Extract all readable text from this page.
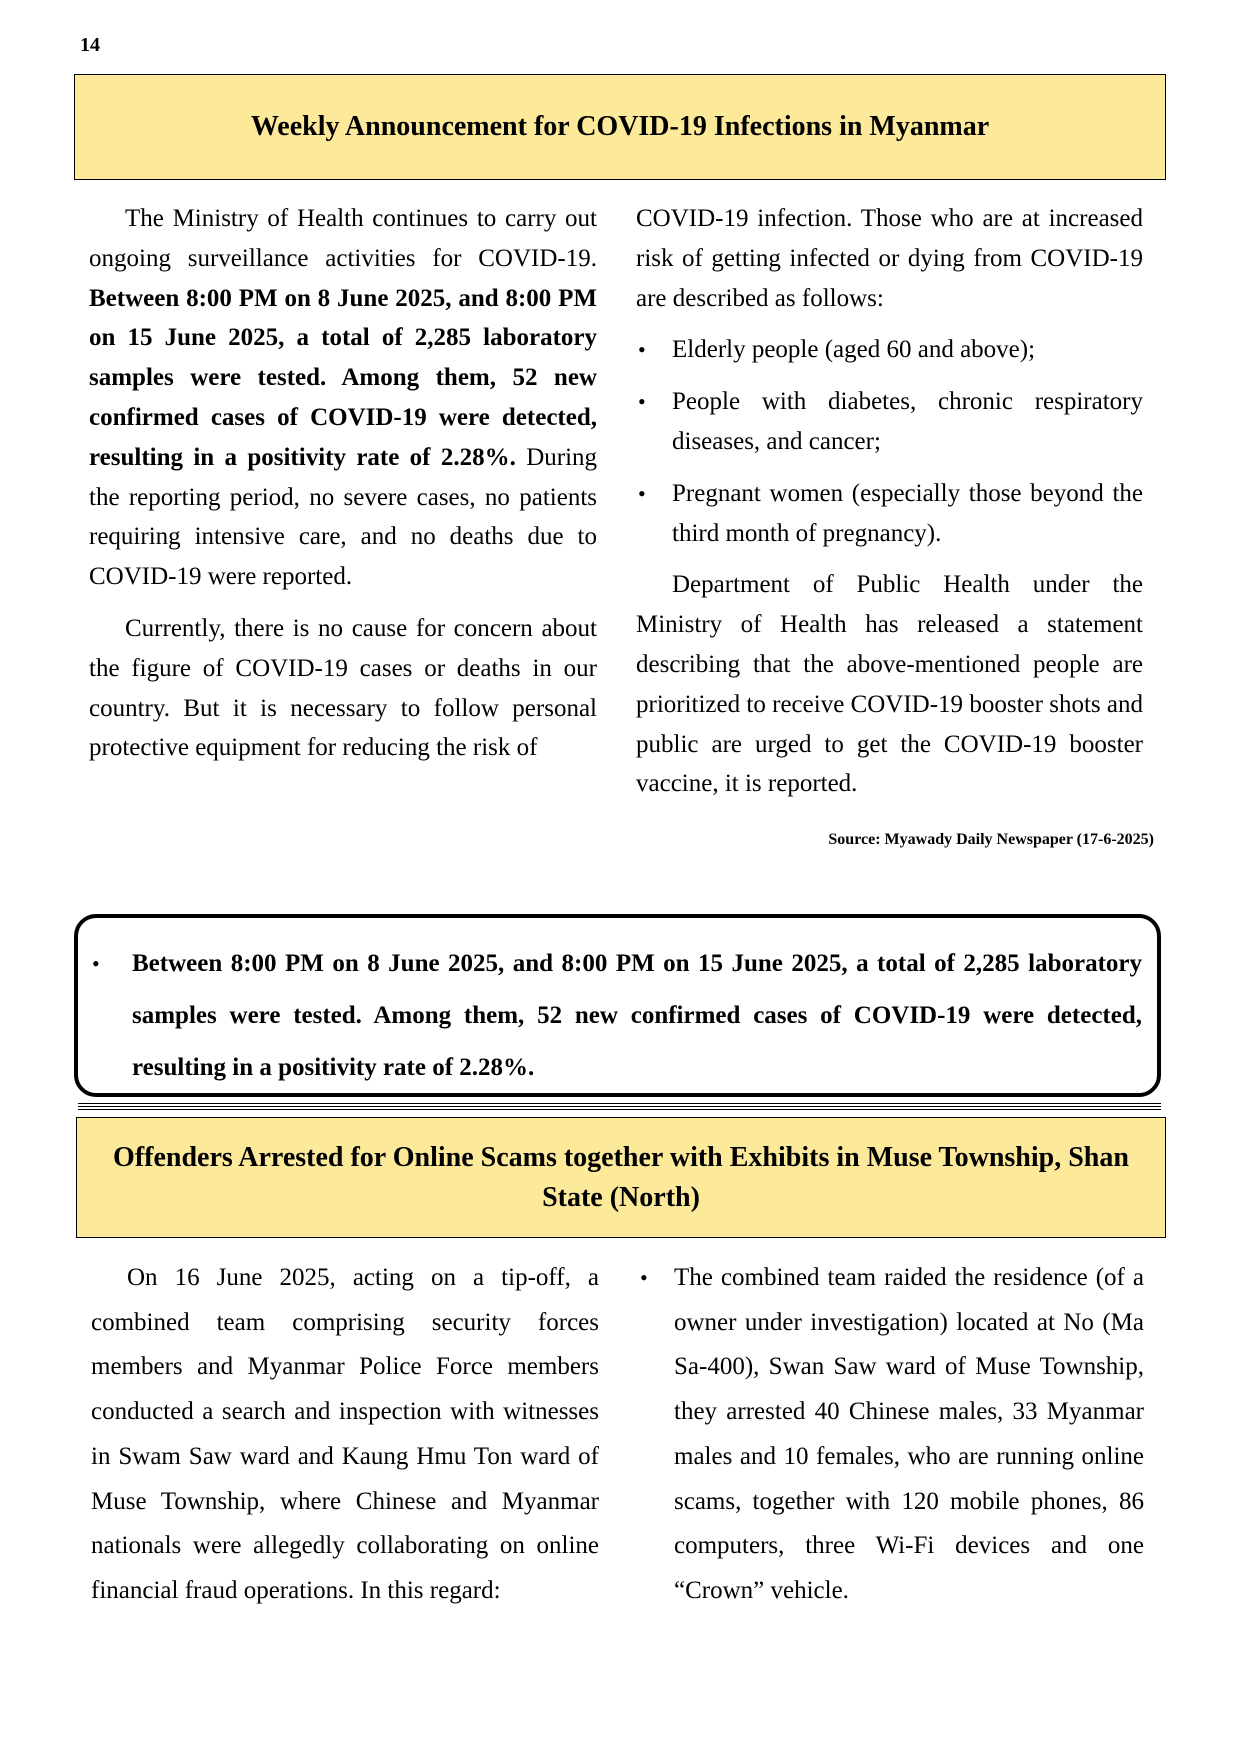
14
Weekly Announcement for COVID-19 Infections in Myanmar

The Ministry of Health continues to carry out ongoing surveillance activities for COVID-19. Between 8:00 PM on 8 June 2025, and 8:00 PM on 15 June 2025, a total of 2,285 laboratory samples were tested. Among them, 52 new confirmed cases of COVID-19 were detected, resulting in a positivity rate of 2.28%. During the reporting period, no severe cases, no patients requiring intensive care, and no deaths due to COVID-19 were reported.

Currently, there is no cause for concern about the figure of COVID-19 cases or deaths in our country. But it is necessary to follow personal protective equipment for reducing the risk of

COVID-19 infection. Those who are at increased risk of getting infected or dying from COVID-19 are described as follows:

• Elderly people (aged 60 and above);
• People with diabetes, chronic respiratory diseases, and cancer;
• Pregnant women (especially those beyond the third month of pregnancy).

Department of Public Health under the Ministry of Health has released a statement describing that the above-mentioned people are prioritized to receive COVID-19 booster shots and public are urged to get the COVID-19 booster vaccine, it is reported.

Source: Myawady Daily Newspaper (17-6-2025)
• Between 8:00 PM on 8 June 2025, and 8:00 PM on 15 June 2025, a total of 2,285 laboratory samples were tested. Among them, 52 new confirmed cases of COVID-19 were detected, resulting in a positivity rate of 2.28%.
Offenders Arrested for Online Scams together with Exhibits in Muse Township, Shan State (North)

On 16 June 2025, acting on a tip-off, a combined team comprising security forces members and Myanmar Police Force members conducted a search and inspection with witnesses in Swam Saw ward and Kaung Hmu Ton ward of Muse Township, where Chinese and Myanmar nationals were allegedly collaborating on online financial fraud operations. In this regard:

• The combined team raided the residence (of a owner under investigation) located at No (Ma Sa-400), Swan Saw ward of Muse Township, they arrested 40 Chinese males, 33 Myanmar males and 10 females, who are running online scams, together with 120 mobile phones, 86 computers, three Wi-Fi devices and one “Crown” vehicle.
